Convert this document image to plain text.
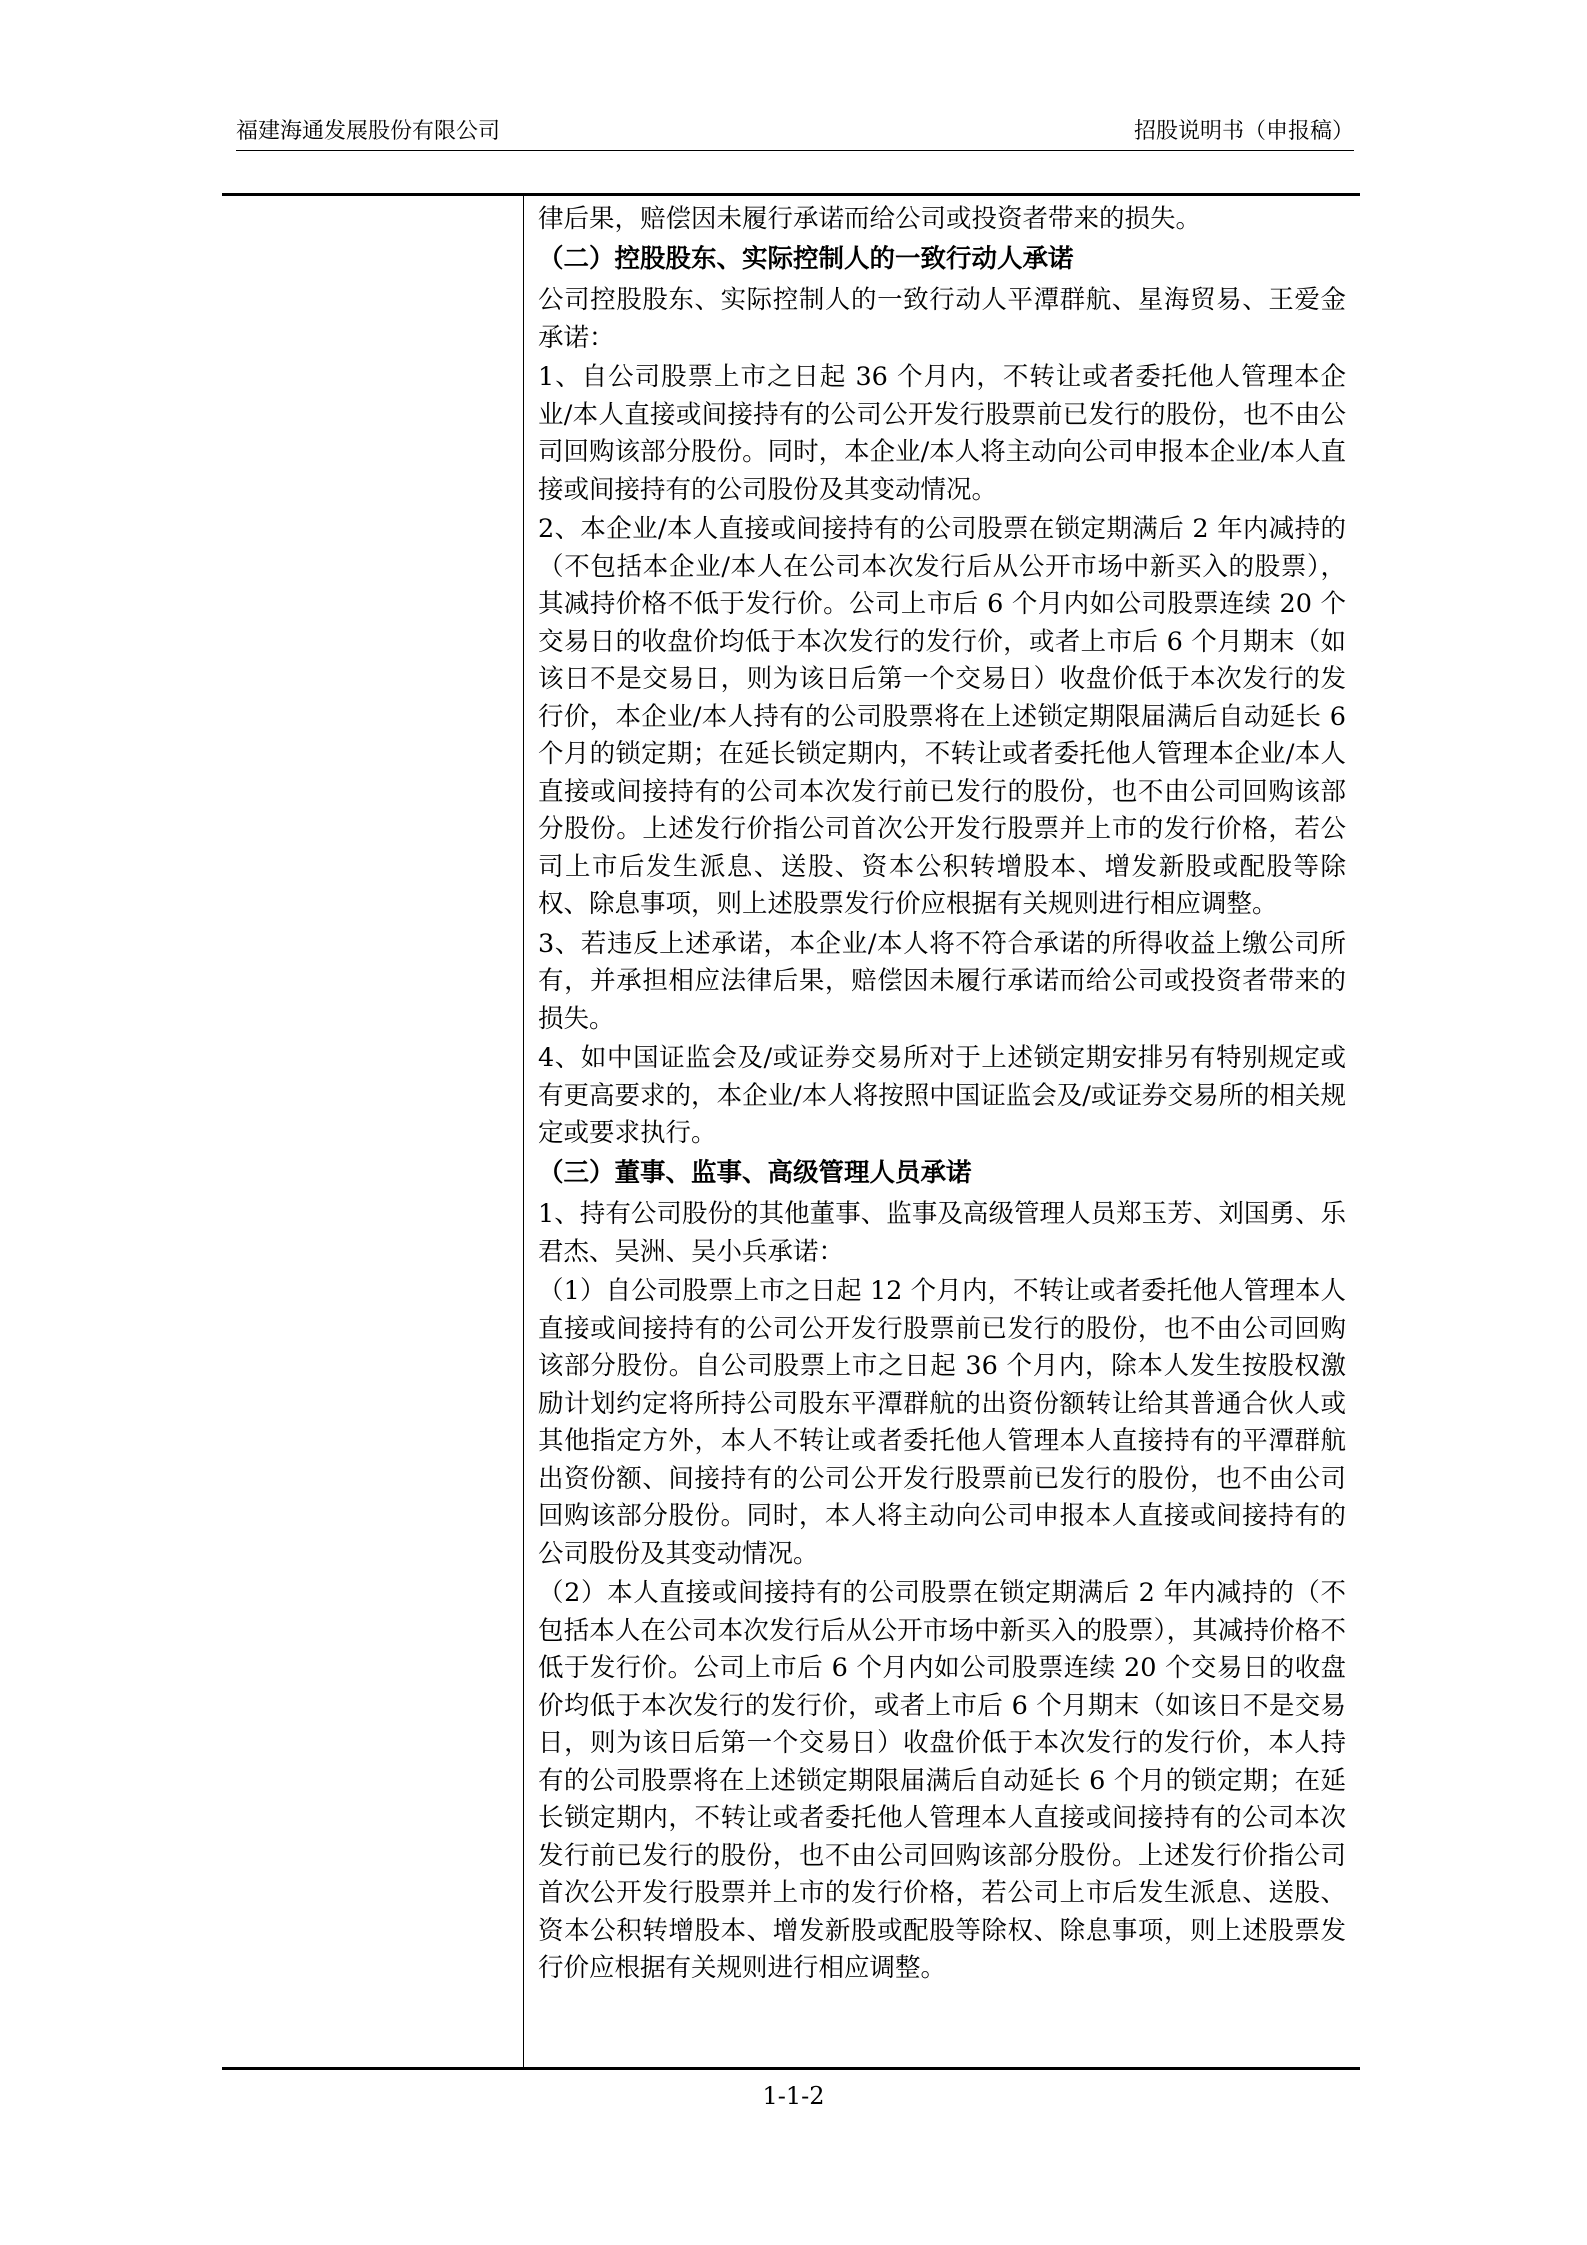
福建海通发展股份有限公司	招股说明书（申报稿）

律后果，赔偿因未履行承诺而给公司或投资者带来的损失。

（二）控股股东、实际控制人的一致行动人承诺

公司控股股东、实际控制人的一致行动人平潭群航、星海贸易、王爱金承诺：

1、自公司股票上市之日起 36 个月内，不转让或者委托他人管理本企业/本人直接或间接持有的公司公开发行股票前已发行的股份，也不由公司回购该部分股份。同时，本企业/本人将主动向公司申报本企业/本人直接或间接持有的公司股份及其变动情况。

2、本企业/本人直接或间接持有的公司股票在锁定期满后 2 年内减持的（不包括本企业/本人在公司本次发行后从公开市场中新买入的股票），其减持价格不低于发行价。公司上市后 6 个月内如公司股票连续 20 个交易日的收盘价均低于本次发行的发行价，或者上市后 6 个月期末（如该日不是交易日，则为该日后第一个交易日）收盘价低于本次发行的发行价，本企业/本人持有的公司股票将在上述锁定期限届满后自动延长 6 个月的锁定期；在延长锁定期内，不转让或者委托他人管理本企业/本人直接或间接持有的公司本次发行前已发行的股份，也不由公司回购该部分股份。上述发行价指公司首次公开发行股票并上市的发行价格，若公司上市后发生派息、送股、资本公积转增股本、增发新股或配股等除权、除息事项，则上述股票发行价应根据有关规则进行相应调整。

3、若违反上述承诺，本企业/本人将不符合承诺的所得收益上缴公司所有，并承担相应法律后果，赔偿因未履行承诺而给公司或投资者带来的损失。

4、如中国证监会及/或证券交易所对于上述锁定期安排另有特别规定或有更高要求的，本企业/本人将按照中国证监会及/或证券交易所的相关规定或要求执行。

（三）董事、监事、高级管理人员承诺

1、持有公司股份的其他董事、监事及高级管理人员郑玉芳、刘国勇、乐君杰、吴洲、吴小兵承诺：

（1）自公司股票上市之日起 12 个月内，不转让或者委托他人管理本人直接或间接持有的公司公开发行股票前已发行的股份，也不由公司回购该部分股份。自公司股票上市之日起 36 个月内，除本人发生按股权激励计划约定将所持公司股东平潭群航的出资份额转让给其普通合伙人或其他指定方外，本人不转让或者委托他人管理本人直接持有的平潭群航出资份额、间接持有的公司公开发行股票前已发行的股份，也不由公司回购该部分股份。同时，本人将主动向公司申报本人直接或间接持有的公司股份及其变动情况。

（2）本人直接或间接持有的公司股票在锁定期满后 2 年内减持的（不包括本人在公司本次发行后从公开市场中新买入的股票），其减持价格不低于发行价。公司上市后 6 个月内如公司股票连续 20 个交易日的收盘价均低于本次发行的发行价，或者上市后 6 个月期末（如该日不是交易日，则为该日后第一个交易日）收盘价低于本次发行的发行价，本人持有的公司股票将在上述锁定期限届满后自动延长 6 个月的锁定期；在延长锁定期内，不转让或者委托他人管理本人直接或间接持有的公司本次发行前已发行的股份，也不由公司回购该部分股份。上述发行价指公司首次公开发行股票并上市的发行价格，若公司上市后发生派息、送股、资本公积转增股本、增发新股或配股等除权、除息事项，则上述股票发行价应根据有关规则进行相应调整。

1-1-2
